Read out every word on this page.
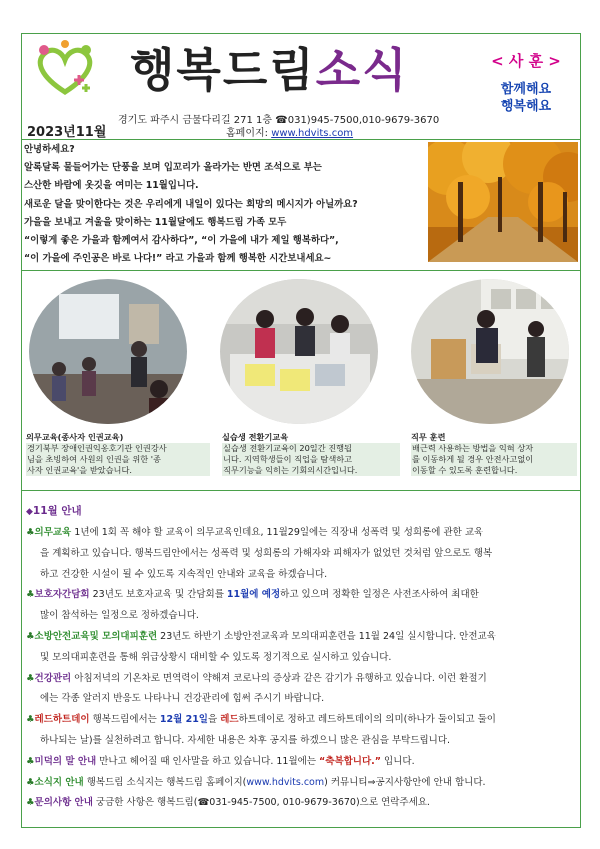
행복드림소식	< 사 훈 >
함께해요
행복해요
2023년11월
경기도 파주시 금물다리길 271 1층 ☎031)945-7500,010-9679-3670
홈페이지: www.hdvits.com
안녕하세요?
알록달록 물들어가는 단풍을 보며 입꼬리가 올라가는 반면 조석으로 부는
스산한 바람에 옷깃을 여미는 11월입니다.
새로운 달을 맞이한다는 것은 우리에게 내일이 있다는 희망의 메시지가 아닐까요?
가을을 보내고 겨울을 맞이하는 11월달에도 행복드림 가족 모두
“이렇게 좋은 가을과 함께여서 감사하다”, “이 가을에 내가 제일 행복하다”,
“이 가을에 주인공은 바로 나다!” 라고 가을과 함께 행복한 시간보내세요~
의무교육(종사자 인권교육)
경기북부 장애인권익옹호기관 인권강사
님을 초빙하여 사원의 인권을 위한 '종
사자 인권교육'을 받았습니다.
실습생 전환기교육
실습생 전환기교육이 20일간 진행됩
니다. 지역학생들이 직업을 탐색하고
직무기능을 익히는 기회의시간입니다.
직무 훈련
배근력 사용하는 방법을 익혀 상자
를 이동하게 될 경우 안전사고없이
이동할 수 있도록 훈련합니다.
◆11월 안내
♣의무교육 1년에 1회 꼭 해야 할 교육이 의무교육인데요, 11월29일에는 직장내 성폭력 및 성희롱에 관한 교육
을 계획하고 있습니다. 행복드림안에서는 성폭력 및 성희롱의 가해자와 피해자가 없었던 것처럼 앞으로도 행복
하고 건강한 시설이 될 수 있도록 지속적인 안내와 교육을 하겠습니다.
♣보호자간담회 23년도 보호자교육 및 간담회를 11월에 예정하고 있으며 정확한 일정은 사전조사하여 최대한
많이 참석하는 일정으로 정하겠습니다.
♣소방안전교육및 모의대피훈련 23년도 하반기 소방안전교육과 모의대피훈련을 11월 24일 실시합니다. 안전교육
및 모의대피훈련을 통해 위급상황시 대비할 수 있도록 정기적으로 실시하고 있습니다.
♣건강관리 아침저녁의 기온차로 면역력이 약해져 코로나의 증상과 같은 감기가 유행하고 있습니다. 이런 환절기
에는 각종 알러지 반응도 나타나니 건강관리에 힘써 주시기 바랍니다.
♣레드하트데이 행복드림에서는 12월 21일을 레드하트데이로 정하고 레드하트데이의 의미(하나가 둘이되고 둘이
하나되는 날)를 실천하려고 합니다. 자세한 내용은 차후 공지를 하겠으니 많은 관심을 부탁드립니다.
♣미덕의 말 안내 만나고 헤어질 때 인사말을 하고 있습니다. 11월에는 “축복합니다.” 입니다.
♣소식지 안내 행복드림 소식지는 행복드림 홈페이지(www.hdvits.com) 커뮤니티⇒공지사항안에 안내 합니다.
♣문의사항 안내 궁금한 사항은 행복드림(☎031-945-7500, 010-9679-3670)으로 연락주세요.
